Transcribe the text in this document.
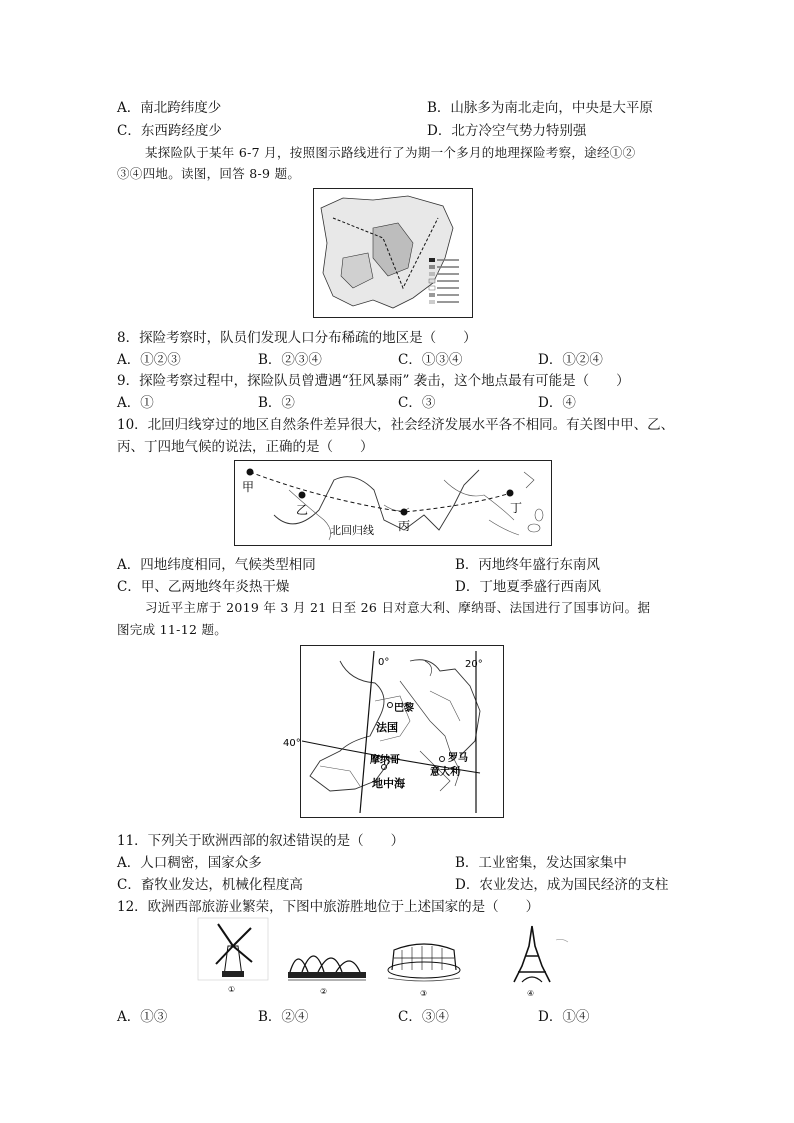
A．南北跨纬度少	B．山脉多为南北走向，中央是大平原
C．东西跨经度少	D．北方冷空气势力特别强
某探险队于某年 6-7 月，按照图示路线进行了为期一个多月的地理探险考察，途经①②
③④四地。读图，回答 8-9 题。
8．探险考察时，队员们发现人口分布稀疏的地区是（　　）
A．①②③	B．②③④	C．①③④	D．①②④
9．探险考察过程中，探险队员曾遭遇“狂风暴雨” 袭击，这个地点最有可能是（　　）
A．①	B．②	C．③	D．④
10．北回归线穿过的地区自然条件差异很大，社会经济发展水平各不相同。有关图中甲、乙、
丙、丁四地气候的说法，正确的是（　　）
甲
乙
丙
丁
北回归线
A．四地纬度相同，气候类型相同	B．丙地终年盛行东南风
C．甲、乙两地终年炎热干燥	D．丁地夏季盛行西南风
习近平主席于 2019 年 3 月 21 日至 26 日对意大利、摩纳哥、法国进行了国事访问。据
图完成 11-12 题。
0°	20°
40°
巴黎
法国
罗马
摩纳哥
意大利
地中海
11．下列关于欧洲西部的叙述错误的是（　　）
A．人口稠密，国家众多	B．工业密集，发达国家集中
C．畜牧业发达，机械化程度高	D．农业发达，成为国民经济的支柱
12．欧洲西部旅游业繁荣，下图中旅游胜地位于上述国家的是（　　）
①	②	③	④
A．①③	B．②④	C．③④	D．①④
